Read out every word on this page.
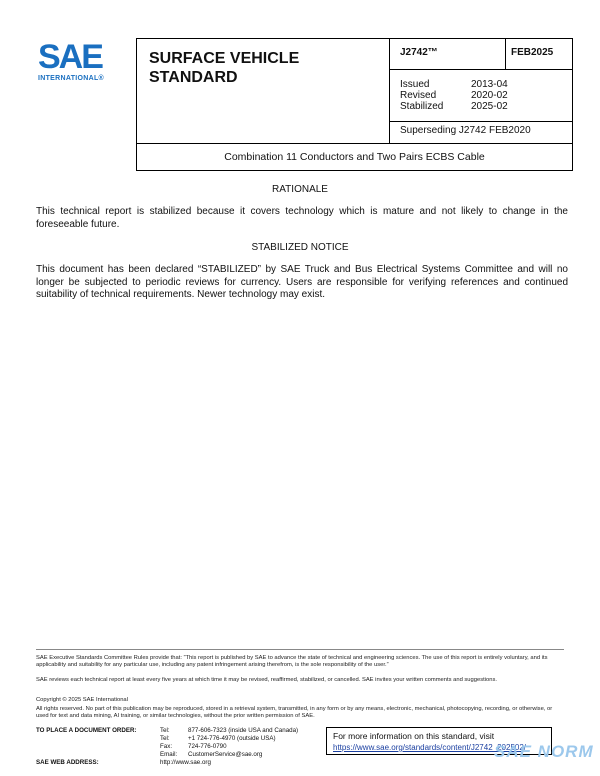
SAE
INTERNATIONAL®
SURFACE VEHICLE STANDARD
J2742™	FEB2025
Issued	2013-04
Revised	2020-02
Stabilized	2025-02
Superseding J2742 FEB2020
Combination 11 Conductors and Two Pairs ECBS Cable
RATIONALE
This technical report is stabilized because it covers technology which is mature and not likely to change in the foreseeable future.
STABILIZED NOTICE
This document has been declared “STABILIZED” by SAE Truck and Bus Electrical Systems Committee and will no longer be subjected to periodic reviews for currency. Users are responsible for verifying references and continued suitability of technical requirements. Newer technology may exist.
SAE Executive Standards Committee Rules provide that: “This report is published by SAE to advance the state of technical and engineering sciences. The use of this report is entirely voluntary, and its applicability and suitability for any particular use, including any patent infringement arising therefrom, is the sole responsibility of the user.”
SAE reviews each technical report at least every five years at which time it may be revised, reaffirmed, stabilized, or cancelled. SAE invites your written comments and suggestions.
Copyright © 2025 SAE International
All rights reserved. No part of this publication may be reproduced, stored in a retrieval system, transmitted, in any form or by any means, electronic, mechanical, photocopying, recording, or otherwise, or used for text and data mining, AI training, or similar technologies, without the prior written permission of SAE.
TO PLACE A DOCUMENT ORDER:	Tel:	877-606-7323 (inside USA and Canada)
Tel:	+1 724-776-4970 (outside USA)
Fax:	724-776-0790
Email: CustomerService@sae.org
SAE WEB ADDRESS:	http://www.sae.org
For more information on this standard, visit
https://www.sae.org/standards/content/J2742_202502/
SAE NORM
